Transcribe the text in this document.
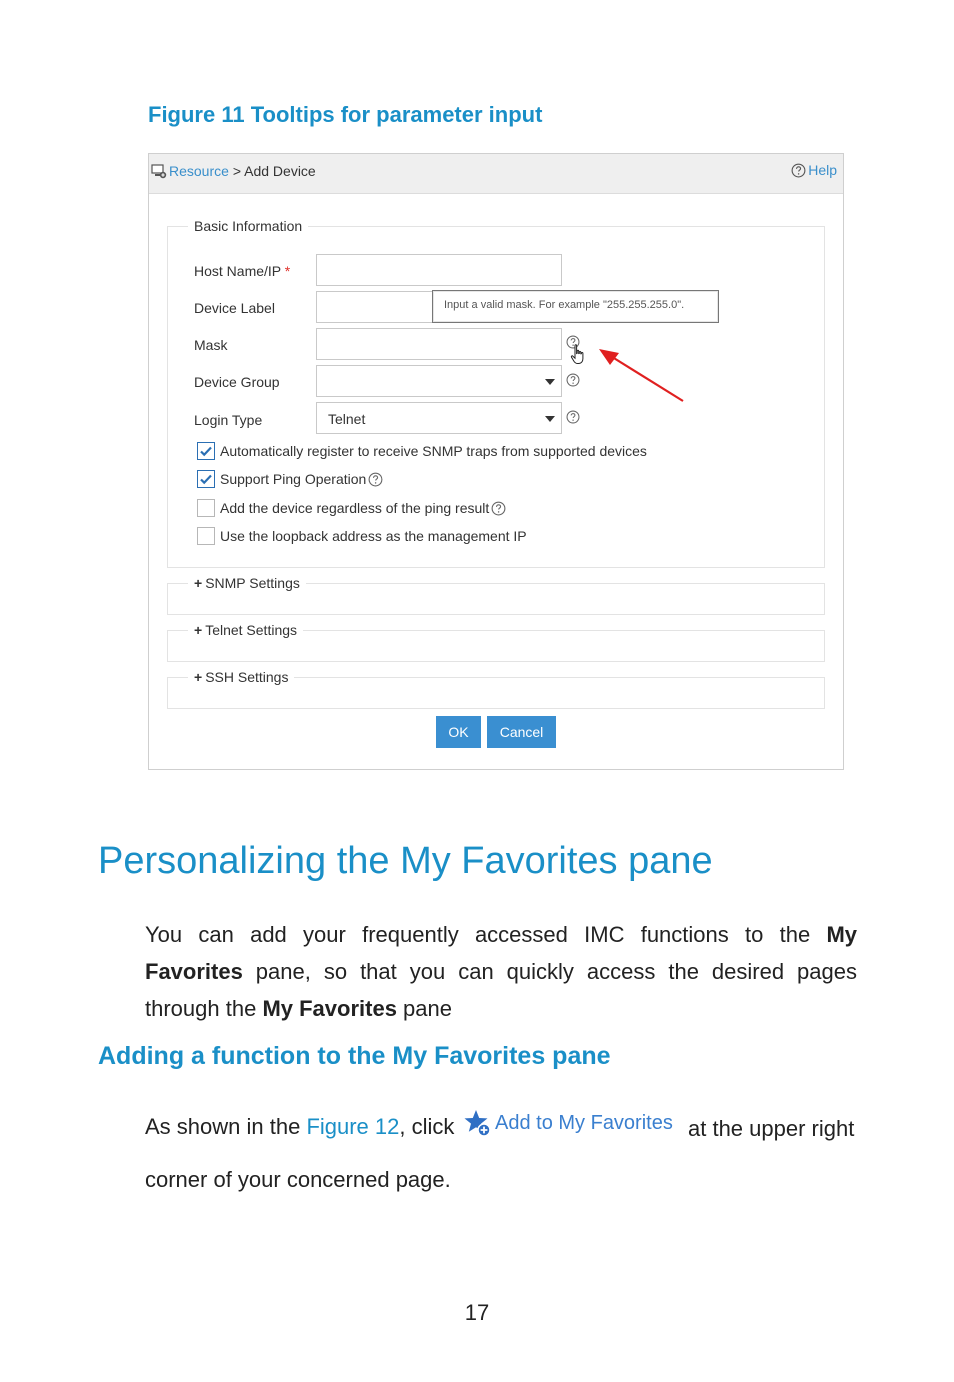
Figure 11 Tooltips for parameter input
Resource > Add Device	Help
Basic Information
Host Name/IP *
Device Label	Input a valid mask. For example "255.255.255.0".
Mask
Device Group
Login Type	Telnet
Automatically register to receive SNMP traps from supported devices
Support Ping Operation
Add the device regardless of the ping result
Use the loopback address as the management IP
+ SNMP Settings
+ Telnet Settings
+ SSH Settings
OK	Cancel
Personalizing the My Favorites pane
You can add your frequently accessed IMC functions to the My Favorites pane, so that you can quickly access the desired pages through the My Favorites pane
Adding a function to the My Favorites pane
As shown in the Figure 12, click	Add to My Favorites at the upper right
corner of your concerned page.
17
